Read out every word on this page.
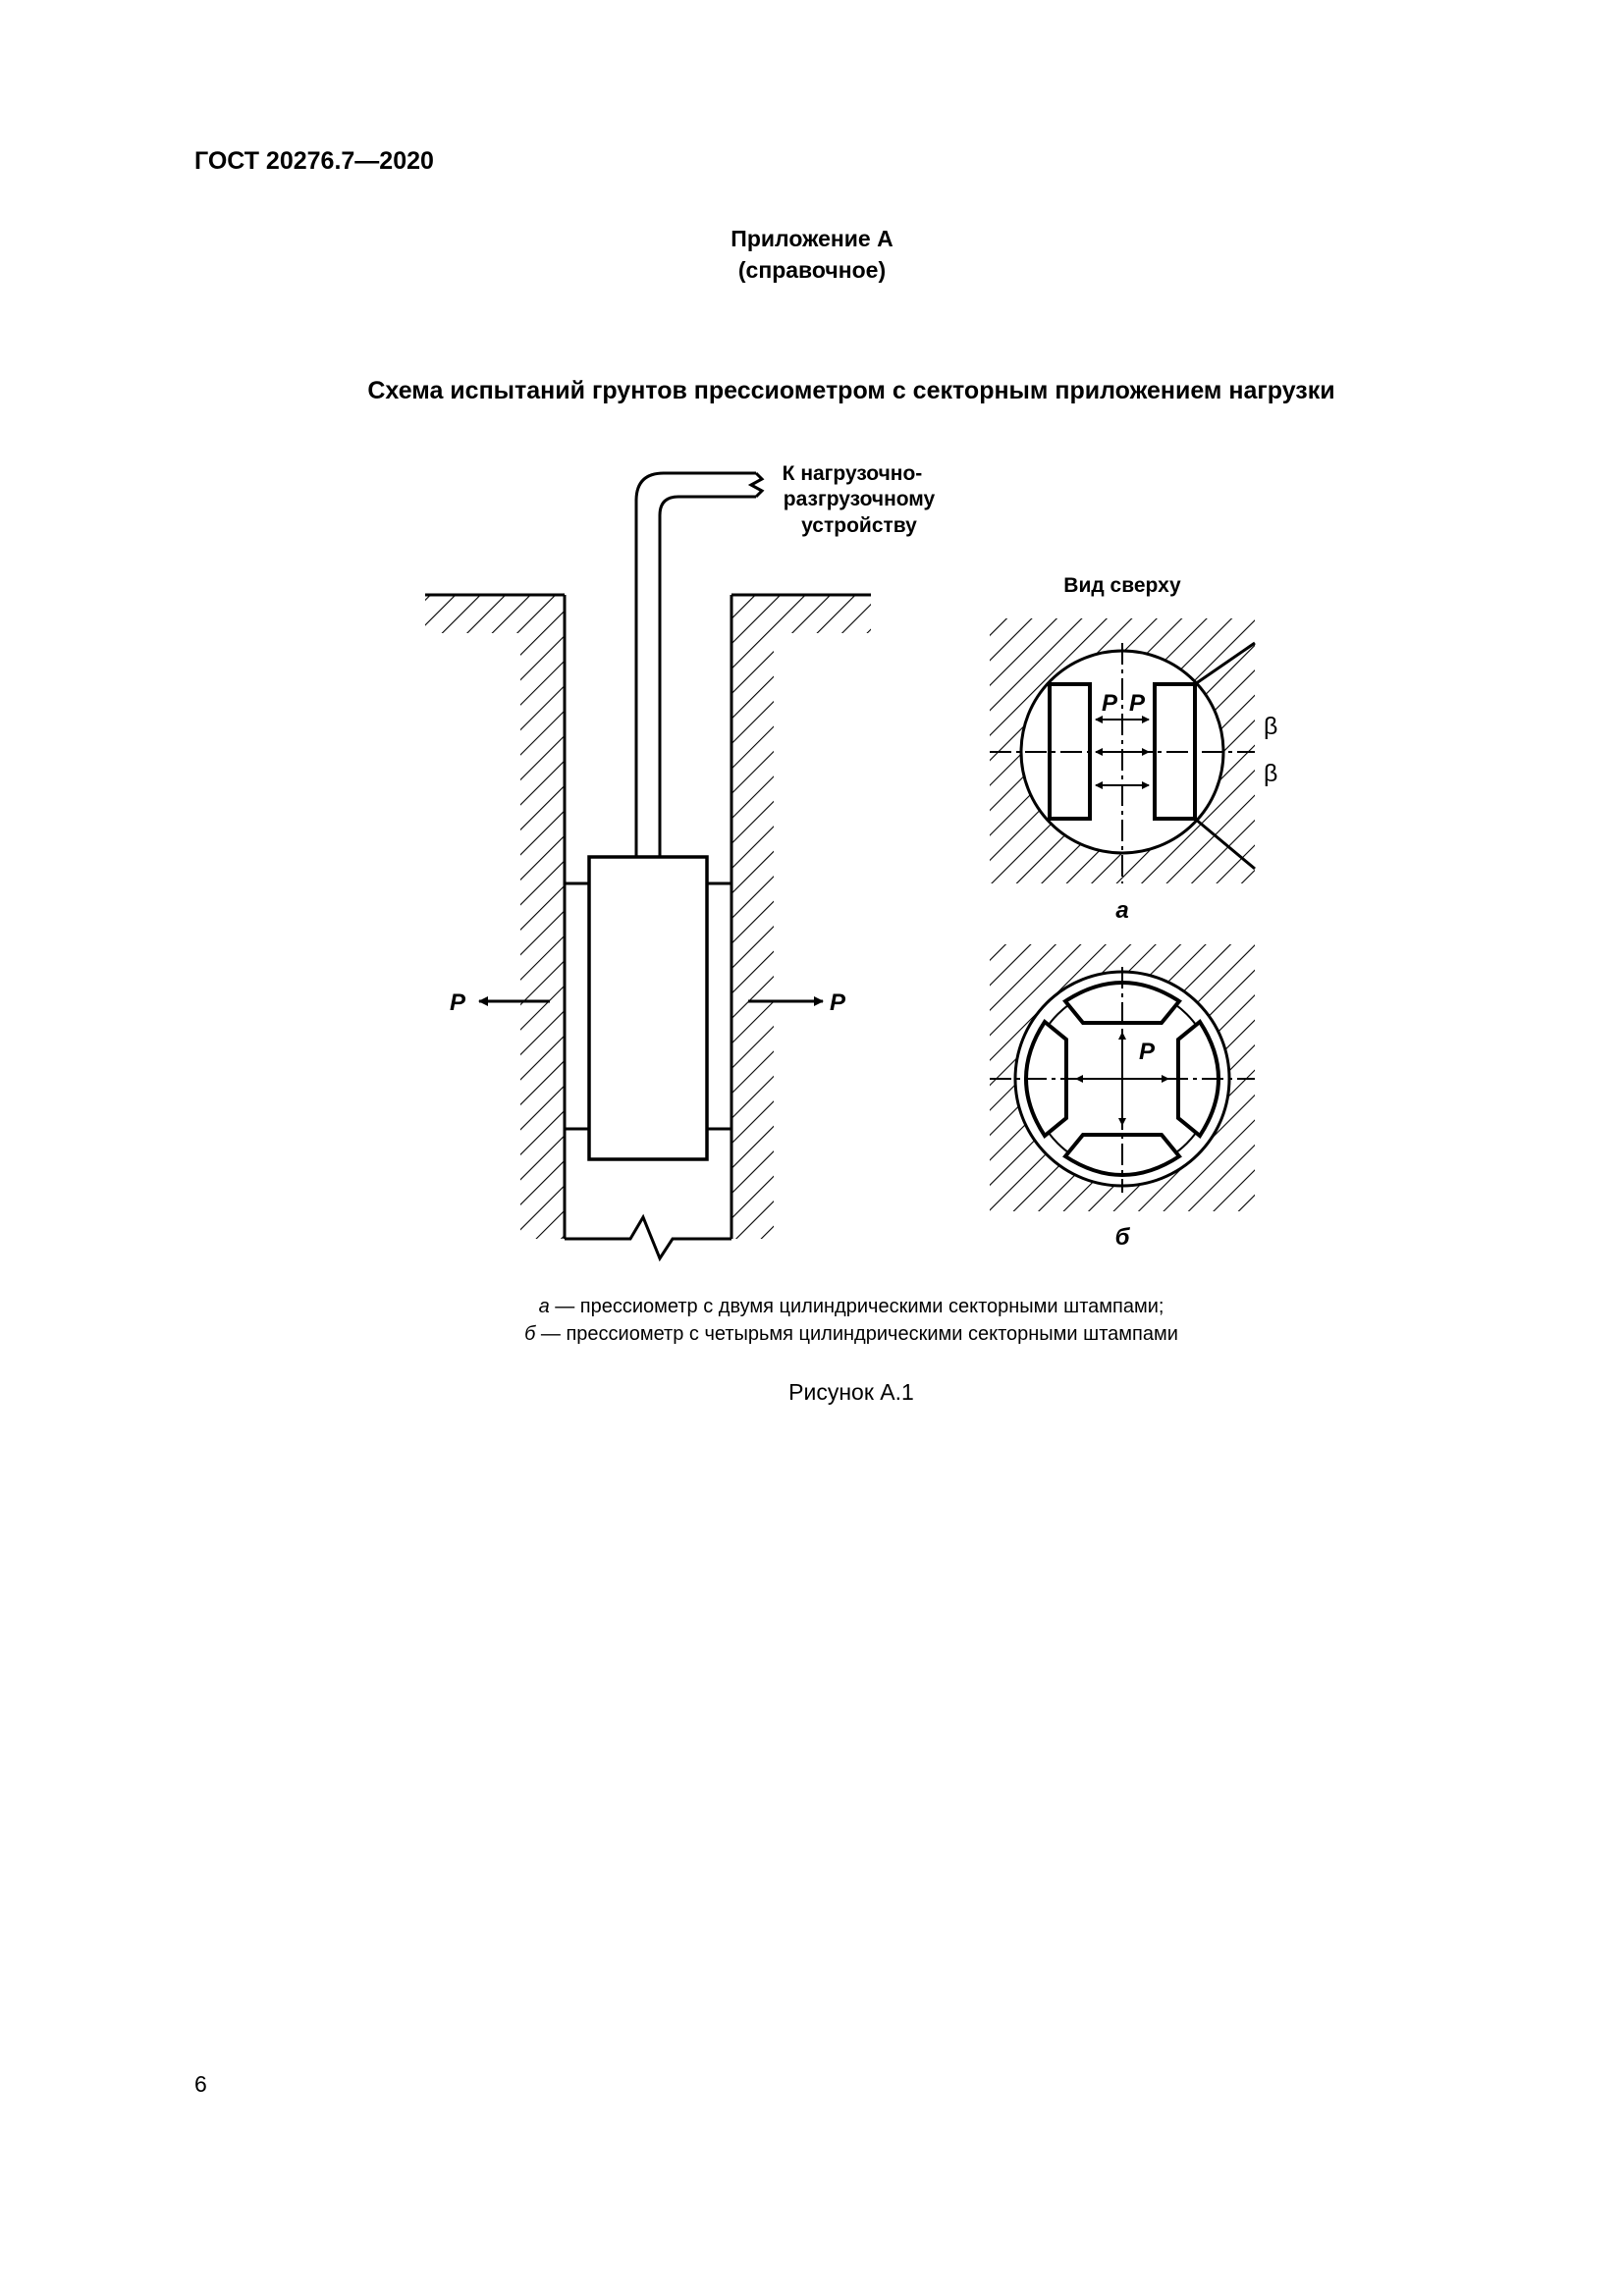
ГОСТ 20276.7—2020
Приложение А
(справочное)
Схема испытаний грунтов прессиометром с секторным приложением нагрузки
P	P
К нагрузочно-
разгрузочному
устройству
Вид сверху
P P
β
β
а
P
б
а — прессиометр с двумя цилиндрическими секторными штампами;
б — прессиометр с четырьмя цилиндрическими секторными штампами
Рисунок А.1
6
